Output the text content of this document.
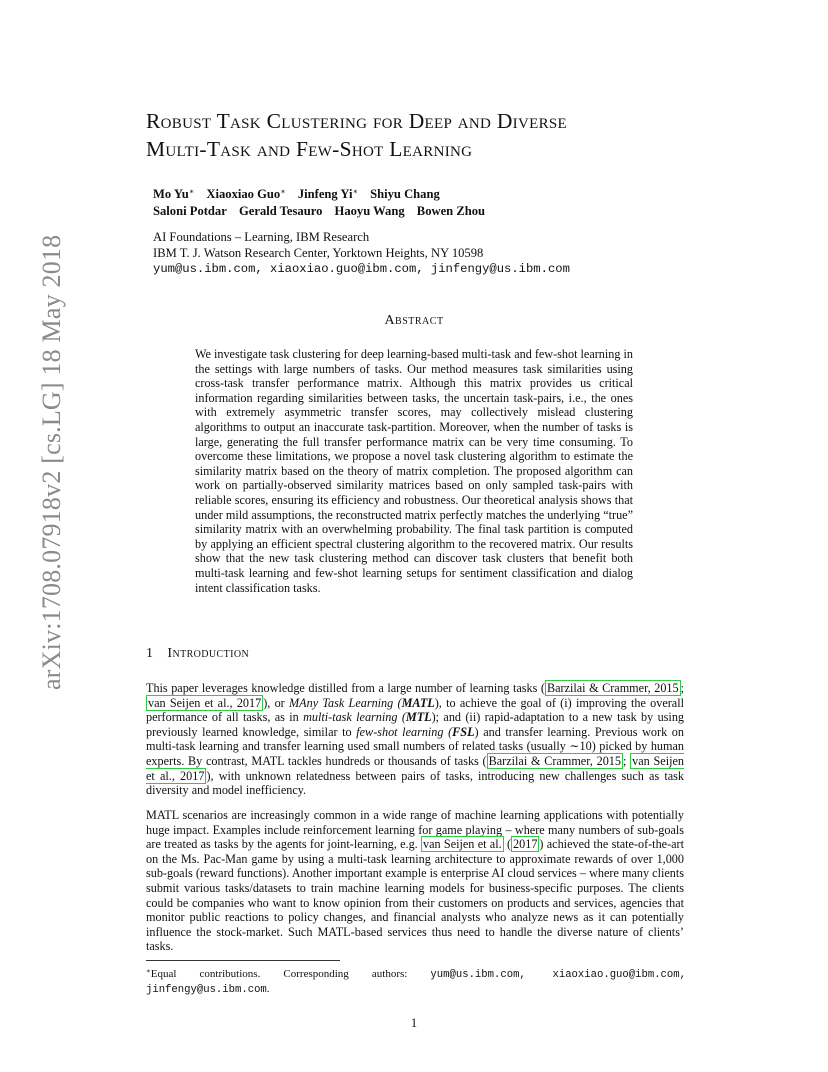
arXiv:1708.07918v2 [cs.LG] 18 May 2018
Robust Task Clustering for Deep and Diverse
Multi-Task and Few-Shot Learning
Mo Yu∗ Xiaoxiao Guo∗ Jinfeng Yi∗ Shiyu Chang
Saloni Potdar Gerald Tesauro Haoyu Wang Bowen Zhou
AI Foundations – Learning, IBM Research
IBM T. J. Watson Research Center, Yorktown Heights, NY 10598
yum@us.ibm.com, xiaoxiao.guo@ibm.com, jinfengy@us.ibm.com
Abstract
We investigate task clustering for deep learning-based multi-task and few-shot learning in the settings with large numbers of tasks. Our method measures task similarities using cross-task transfer performance matrix. Although this matrix provides us critical information regarding similarities between tasks, the uncertain task-pairs, i.e., the ones with extremely asymmetric transfer scores, may collectively mislead clustering algorithms to output an inaccurate task-partition. Moreover, when the number of tasks is large, generating the full transfer performance matrix can be very time consuming. To overcome these limitations, we propose a novel task clustering algorithm to estimate the similarity matrix based on the theory of matrix completion. The proposed algorithm can work on partially-observed similarity matrices based on only sampled task-pairs with reliable scores, ensuring its efficiency and robustness. Our theoretical analysis shows that under mild assumptions, the reconstructed matrix perfectly matches the underlying “true” similarity matrix with an overwhelming probability. The final task partition is computed by applying an efficient spectral clustering algorithm to the recovered matrix. Our results show that the new task clustering method can discover task clusters that benefit both multi-task learning and few-shot learning setups for sentiment classification and dialog intent classification tasks.
1 Introduction
This paper leverages knowledge distilled from a large number of learning tasks ( Barzilai & Crammer, 2015 ; van Seijen et al., 2017 ), or MAny Task Learning (MATL), to achieve the goal of (i) improving the overall performance of all tasks, as in multi-task learning (MTL); and (ii) rapid-adaptation to a new task by using previously learned knowledge, similar to few-shot learning (FSL) and transfer learning. Previous work on multi-task learning and transfer learning used small numbers of related tasks (usually ∼10) picked by human experts. By contrast, MATL tackles hundreds or thousands of tasks ( Barzilai & Crammer, 2015 ; van Seijen et al., 2017 ), with unknown relatedness between pairs of tasks, introducing new challenges such as task diversity and model inefficiency.
MATL scenarios are increasingly common in a wide range of machine learning applications with potentially huge impact. Examples include reinforcement learning for game playing – where many numbers of sub-goals are treated as tasks by the agents for joint-learning, e.g. van Seijen et al. ( 2017 ) achieved the state-of-the-art on the Ms. Pac-Man game by using a multi-task learning architecture to approximate rewards of over 1,000 sub-goals (reward functions). Another important example is enterprise AI cloud services – where many clients submit various tasks/datasets to train machine learning models for business-specific purposes. The clients could be companies who want to know opinion from their customers on products and services, agencies that monitor public reactions to policy changes, and financial analysts who analyze news as it can potentially influence the stock-market. Such MATL-based services thus need to handle the diverse nature of clients’ tasks.
∗Equal contributions. Corresponding authors: yum@us.ibm.com, xiaoxiao.guo@ibm.com, jinfengy@us.ibm.com.
1
